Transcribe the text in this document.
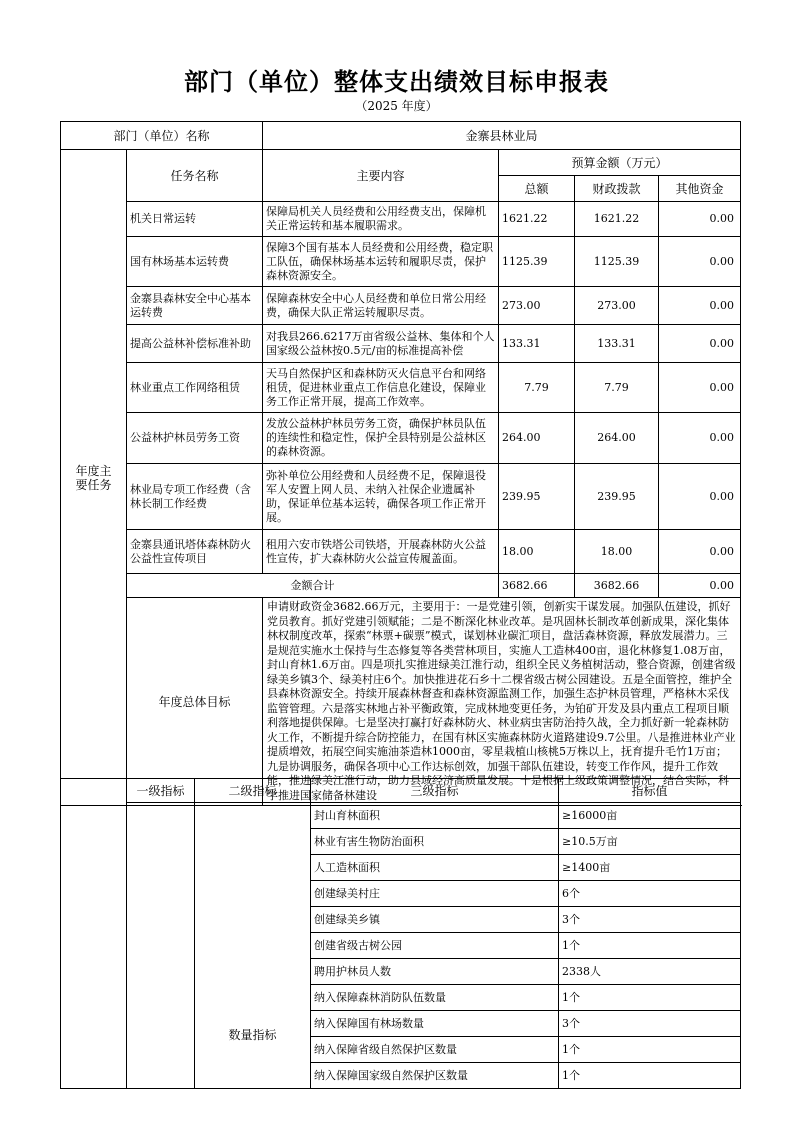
部门（单位）整体支出绩效目标申报表
（2025 年度）
部门（单位）名称		金寨县林业局			
年度主要任务	任务名称	主要内容	预算金额（万元）		
			总额	财政拨款	其他资金
	机关日常运转	保障局机关人员经费和公用经费支出，保障机关正常运转和基本履职需求。	1621.22	1621.22	0.00
	国有林场基本运转费	保障3个国有基本人员经费和公用经费，稳定职工队伍，确保林场基本运转和履职尽责，保护森林资源安全。	1125.39	1125.39	0.00
	金寨县森林安全中心基本运转费	保障森林安全中心人员经费和单位日常公用经费，确保大队正常运转履职尽责。	273.00	273.00	0.00
	提高公益林补偿标准补助	对我县266.6217万亩省级公益林、集体和个人国家级公益林按0.5元/亩的标准提高补偿	133.31	133.31	0.00
	林业重点工作网络租赁	天马自然保护区和森林防灭火信息平台和网络租赁，促进林业重点工作信息化建设，保障业务工作正常开展，提高工作效率。	7.79	7.79	0.00
	公益林护林员劳务工资	发放公益林护林员劳务工资，确保护林员队伍的连续性和稳定性，保护全县特别是公益林区的森林资源。	264.00	264.00	0.00
	林业局专项工作经费（含林长制工作经费	弥补单位公用经费和人员经费不足，保障退役军人安置上网人员、未纳入社保企业遗属补助，保证单位基本运转，确保各项工作正常开展。	239.95	239.95	0.00
	金寨县通讯塔体森林防火公益性宣传项目	租用六安市铁塔公司铁塔，开展森林防火公益性宣传，扩大森林防火公益宣传履盖面。	18.00	18.00	0.00
	金额合计		3682.66	3682.66	0.00
	年度总体目标	申请财政资金3682.66万元，主要用于：一是党建引领，创新实干谋发展。加强队伍建设，抓好党员教育。抓好党建引领赋能；二是不断深化林业改革。是巩固林长制改革创新成果，深化集体林权制度改革，探索“林票+碳票”模式，谋划林业碳汇项目，盘活森林资源，释放发展潜力。三是规范实施水土保持与生态修复等各类营林项目，实施人工造林400亩，退化林修复1.08万亩，封山育林1.6万亩。四是项扎实推进绿美江淮行动，组织全民义务植树活动，整合资源，创建省级绿美乡镇3个、绿美村庄6个。加快推进花石乡十二棵省级古树公园建设。五是全面管控，维护全县森林资源安全。持续开展森林督查和森林资源监测工作，加强生态护林员管理，严格林木采伐监管管理。六是落实林地占补平衡政策，完成林地变更任务，为铂矿开发及县内重点工程项目顺利落地提供保障。七是坚决打赢打好森林防火、林业病虫害防治持久战，全力抓好新一轮森林防火工作，不断提升综合防控能力，在国有林区实施森林防火道路建设9.7公里。八是推进林业产业提质增效，拓展空间实施油茶造林1000亩，零星栽植山核桃5万株以上，抚育提升毛竹1万亩；九是协调服务，确保各项中心工作达标创效，加强干部队伍建设，转变工作作风，提升工作效能，推进绿美江淮行动，助力县域经济高质量发展。十是根据上级政策调整情况，结合实际，科学推进国家储备林建设			
	一级指标	二级指标	三级指标	指标值
		数量指标	封山育林面积	≥16000亩
			林业有害生物防治面积	≥10.5万亩
			人工造林面积	≥1400亩
			创建绿美村庄	6个
			创建绿美乡镇	3个
			创建省级古树公园	1个
			聘用护林员人数	2338人
			纳入保障森林消防队伍数量	1个
			纳入保障国有林场数量	3个
			纳入保障省级自然保护区数量	1个
			纳入保障国家级自然保护区数量	1个
